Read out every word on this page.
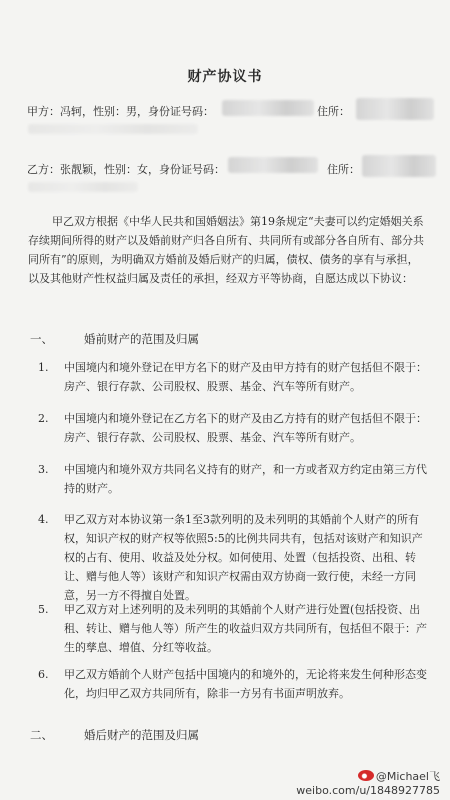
财产协议书
甲方：冯轲，性别：男，身份证号码：	住所：
乙方：张靓颖，性别：女，身份证号码：	住所：
甲乙双方根据《中华人民共和国婚姻法》第19条规定“夫妻可以约定婚姻关系存续期间所得的财产以及婚前财产归各自所有、共同所有或部分各自所有、部分共同所有”的原则，为明确双方婚前及婚后财产的归属，债权、债务的享有与承担，以及其他财产性权益归属及责任的承担，经双方平等协商，自愿达成以下协议：
一、	婚前财产的范围及归属
1. 中国境内和境外登记在甲方名下的财产及由甲方持有的财产包括但不限于：房产、银行存款、公司股权、股票、基金、汽车等所有财产。
2. 中国境内和境外登记在乙方名下的财产及由乙方持有的财产包括但不限于：房产、银行存款、公司股权、股票、基金、汽车等所有财产。
3. 中国境内和境外双方共同名义持有的财产，和一方或者双方约定由第三方代持的财产。
4. 甲乙双方对本协议第一条1至3款列明的及未列明的其婚前个人财产的所有权，知识产权的财产权等依照5:5的比例共同共有，包括对该财产和知识产权的占有、使用、收益及处分权。如何使用、处置（包括投资、出租、转让、赠与他人等）该财产和知识产权需由双方协商一致行使，未经一方同意，另一方不得擅自处置。
5. 甲乙双方对上述列明的及未列明的其婚前个人财产进行处置(包括投资、出租、转让、赠与他人等）所产生的收益归双方共同所有，包括但不限于：产生的孳息、增值、分红等收益。
6. 甲乙双方婚前个人财产包括中国境内的和境外的，无论将来发生何种形态变化，均归甲乙双方共同所有，除非一方另有书面声明放弃。
二、	婚后财产的范围及归属
@Michael飞
weibo.com/u/1848927785
